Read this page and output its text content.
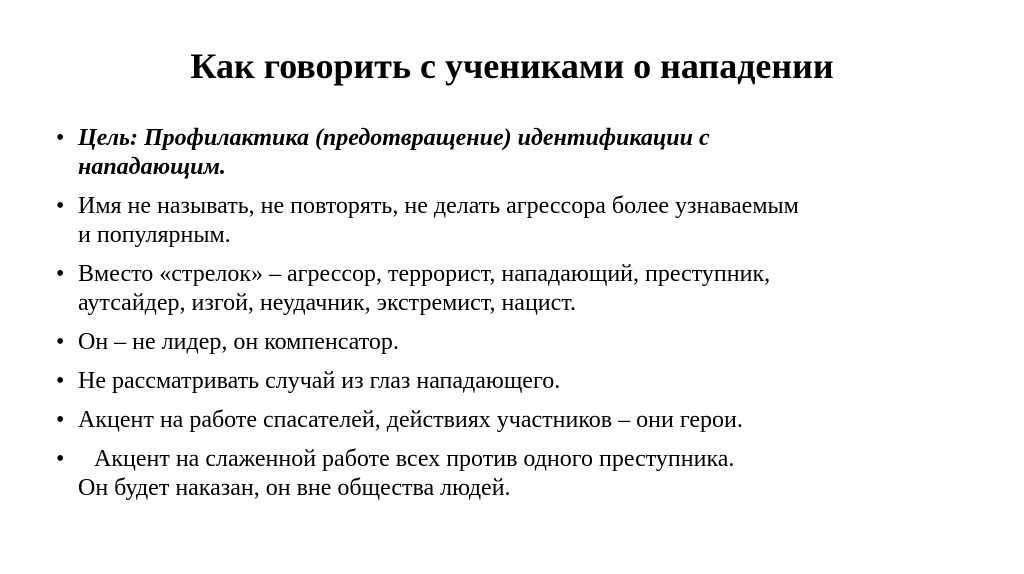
Как говорить с учениками о нападении
• Цель: Профилактика (предотвращение) идентификации с
нападающим.
• Имя не называть, не повторять, не делать агрессора более узнаваемым
и популярным.
• Вместо «стрелок» – агрессор, террорист, нападающий, преступник,
аутсайдер, изгой, неудачник, экстремист, нацист.
• Он – не лидер, он компенсатор.
• Не рассматривать случай из глаз нападающего.
• Акцент на работе спасателей, действиях участников – они герои.
•	Акцент на слаженной работе всех против одного преступника.
Он будет наказан, он вне общества людей.
